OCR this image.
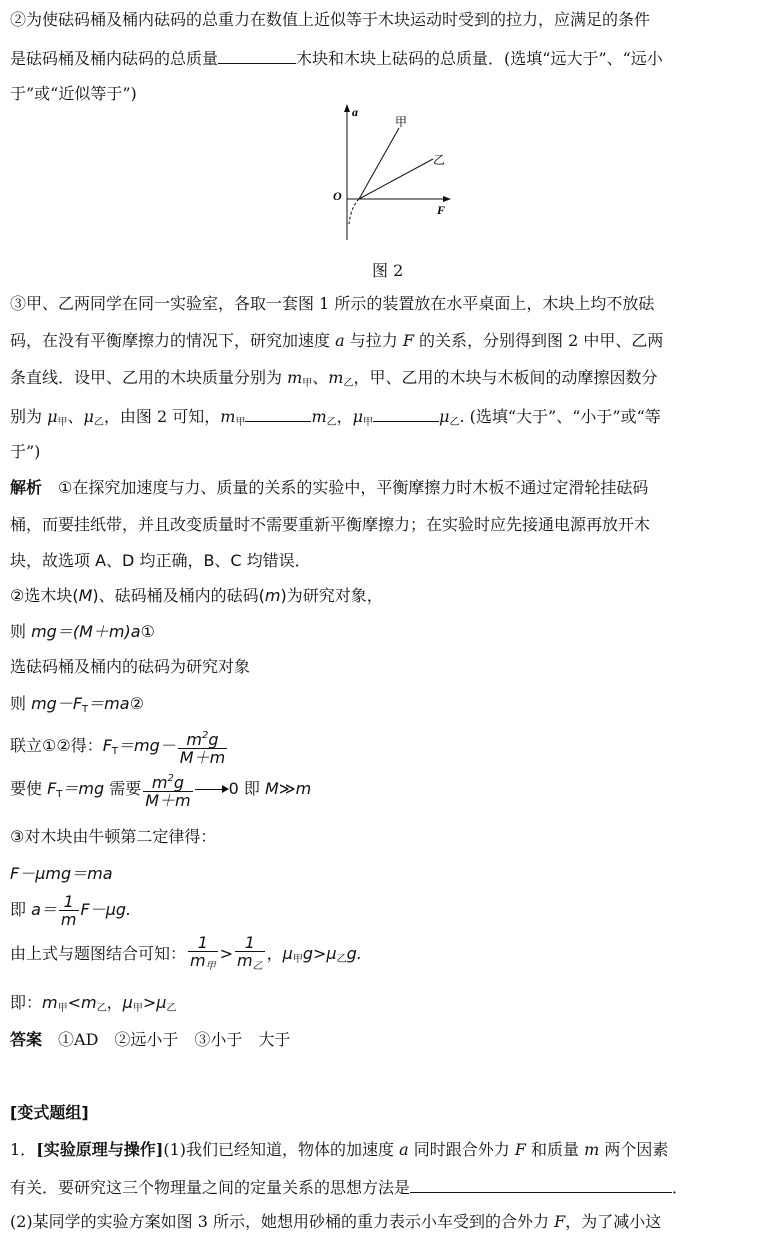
②为使砝码桶及桶内砝码的总重力在数值上近似等于木块运动时受到的拉力，应满足的条件
是砝码桶及桶内砝码的总质量	木块和木块上砝码的总质量．(选填“远大于”、“远小
于”或“近似等于”)
a
F
O
甲
乙
图 2
③甲、乙两同学在同一实验室，各取一套图 1 所示的装置放在水平桌面上，木块上均不放砝
码，在没有平衡摩擦力的情况下，研究加速度 a 与拉力 F 的关系，分别得到图 2 中甲、乙两
条直线．设甲、乙用的木块质量分别为 $m_甲$、$m_乙$，甲、乙用的木块与木板间的动摩擦因数分
别为 $\mu_甲$、$\mu_乙$，由图 2 可知，$m_甲$	$m_乙$，$\mu_甲$	$\mu_乙$. (选填“大于”、“小于”或“等
于”)
解析　 ①在探究加速度与力、质量的关系的实验中，平衡摩擦力时木板不通过定滑轮挂砝码
桶，而要挂纸带，并且改变质量时不需要重新平衡摩擦力；在实验时应先接通电源再放开木
块，故选项 A、D 均正确，B、C 均错误．
②选木块(M)、砝码桶及桶内的砝码(m)为研究对象，
则 mg＝(M＋m)a①
选砝码桶及桶内的砝码为研究对象
则 $mg-F_T=ma②$
联立①②得：$F_T=mg- \frac{m^2g}{M+m}$
要使 $F_T=mg$ 需要 $\frac{m^2g}{M+m} 0$ 即 M≫m
③对木块由牛顿第二定律得：
F－μmg＝ma
即 $a= \frac{1}{m} F-\mu g$.
由上式与题图结合可知： $\frac{1}{m_甲} > \frac{1}{m_乙}$ ，$\mu_甲g>\mu_乙g$.
即：$m_甲<m_乙$，$\mu_甲>\mu_乙$
答案　 ①AD　②远小于　③小于　大于
[变式题组]
1．[实验原理与操作](1)我们已经知道，物体的加速度 a 同时跟合外力 F 和质量 m 两个因素
有关．要研究这三个物理量之间的定量关系的思想方法是	．
(2)某同学的实验方案如图 3 所示，她想用砂桶的重力表示小车受到的合外力 F，为了减小这
